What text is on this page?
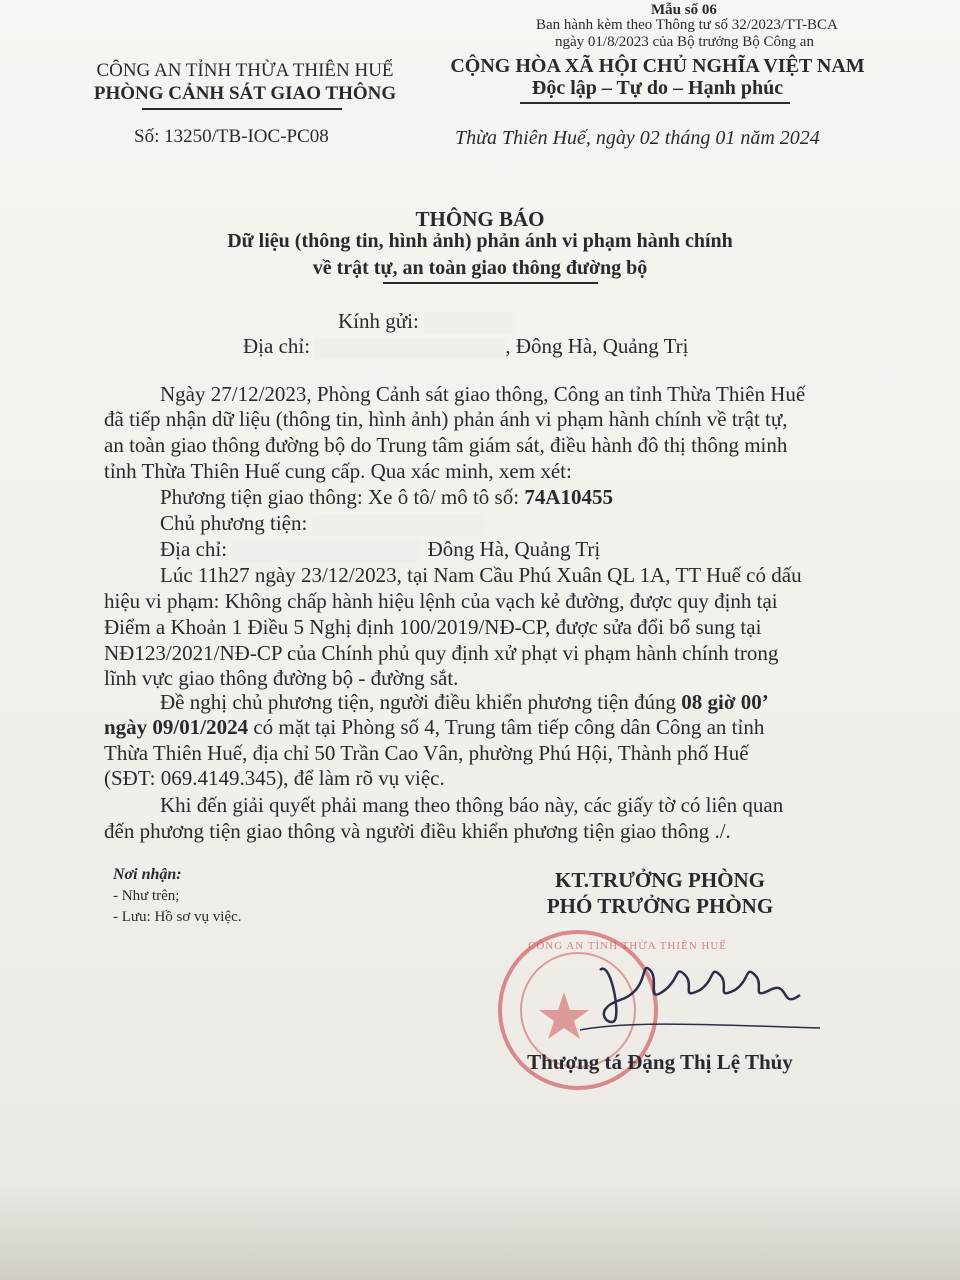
Mẫu số 06
Ban hành kèm theo Thông tư số 32/2023/TT-BCA
ngày 01/8/2023 của Bộ trưởng Bộ Công an
CÔNG AN TỈNH THỪA THIÊN HUẾ
PHÒNG CẢNH SÁT GIAO THÔNG
CỘNG HÒA XÃ HỘI CHỦ NGHĨA VIỆT NAM
Độc lập – Tự do – Hạnh phúc
Số: 13250/TB-IOC-PC08	Thừa Thiên Huế, ngày 02 tháng 01 năm 2024
THÔNG BÁO
Dữ liệu (thông tin, hình ảnh) phản ánh vi phạm hành chính
về trật tự, an toàn giao thông đường bộ
Kính gửi:
Địa chỉ:	, Đông Hà, Quảng Trị
Ngày 27/12/2023, Phòng Cảnh sát giao thông, Công an tỉnh Thừa Thiên Huế
đã tiếp nhận dữ liệu (thông tin, hình ảnh) phản ánh vi phạm hành chính về trật tự,
an toàn giao thông đường bộ do Trung tâm giám sát, điều hành đô thị thông minh
tỉnh Thừa Thiên Huế cung cấp. Qua xác minh, xem xét:
Phương tiện giao thông: Xe ô tô/ mô tô số: 74A10455
Chủ phương tiện:
Địa chỉ:	Đông Hà, Quảng Trị
Lúc 11h27 ngày 23/12/2023, tại Nam Cầu Phú Xuân QL 1A, TT Huế có dấu
hiệu vi phạm: Không chấp hành hiệu lệnh của vạch kẻ đường, được quy định tại
Điểm a Khoản 1 Điều 5 Nghị định 100/2019/NĐ-CP, được sửa đổi bổ sung tại
NĐ123/2021/NĐ-CP của Chính phủ quy định xử phạt vi phạm hành chính trong
lĩnh vực giao thông đường bộ - đường sắt.
Đề nghị chủ phương tiện, người điều khiển phương tiện đúng 08 giờ 00’
ngày 09/01/2024 có mặt tại Phòng số 4, Trung tâm tiếp công dân Công an tỉnh
Thừa Thiên Huế, địa chỉ 50 Trần Cao Vân, phường Phú Hội, Thành phố Huế
(SĐT: 069.4149.345), để làm rõ vụ việc.
Khi đến giải quyết phải mang theo thông báo này, các giấy tờ có liên quan
đến phương tiện giao thông và người điều khiển phương tiện giao thông ./.
Nơi nhận:
- Như trên;
- Lưu: Hồ sơ vụ việc.
KT.TRƯỞNG PHÒNG
PHÓ TRƯỞNG PHÒNG
CÔNG AN TỈNH THỪA THIÊN HUẾ
Thượng tá Đặng Thị Lệ Thủy
